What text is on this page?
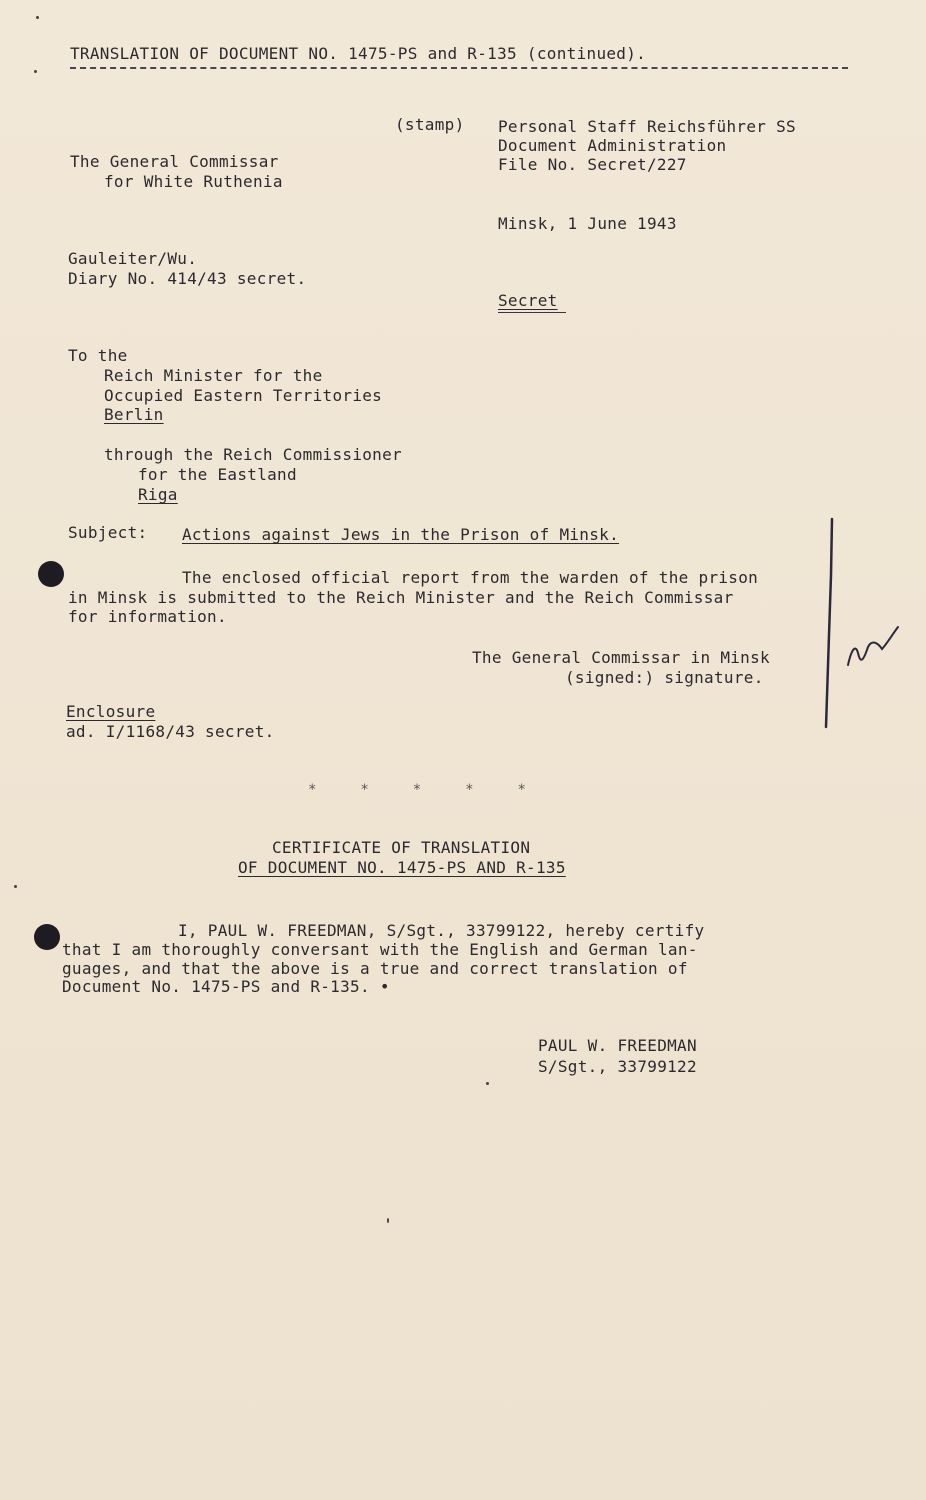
TRANSLATION OF DOCUMENT NO. 1475-PS and R-135 (continued).
(stamp) Personal Staff Reichsführer SS
Document Administration
File No. Secret/227
The General Commissar
for White Ruthenia
Minsk, 1 June 1943
Gauleiter/Wu.
Diary No. 414/43 secret.
Secret
To the
Reich Minister for the
Occupied Eastern Territories
Berlin
through the Reich Commissioner
for the Eastland
Riga
Subject: Actions against Jews in the Prison of Minsk.
The enclosed official report from the warden of the prison
in Minsk is submitted to the Reich Minister and the Reich Commissar
for information.
The General Commissar in Minsk
(signed:) signature.
Enclosure
ad. I/1168/43 secret.
*     *     *     *     *
CERTIFICATE OF TRANSLATION
OF DOCUMENT NO. 1475-PS AND R-135
I, PAUL W. FREEDMAN, S/Sgt., 33799122, hereby certify
that I am thoroughly conversant with the English and German lan-
guages, and that the above is a true and correct translation of
Document No. 1475-PS and R-135. •
PAUL W. FREEDMAN
S/Sgt., 33799122
